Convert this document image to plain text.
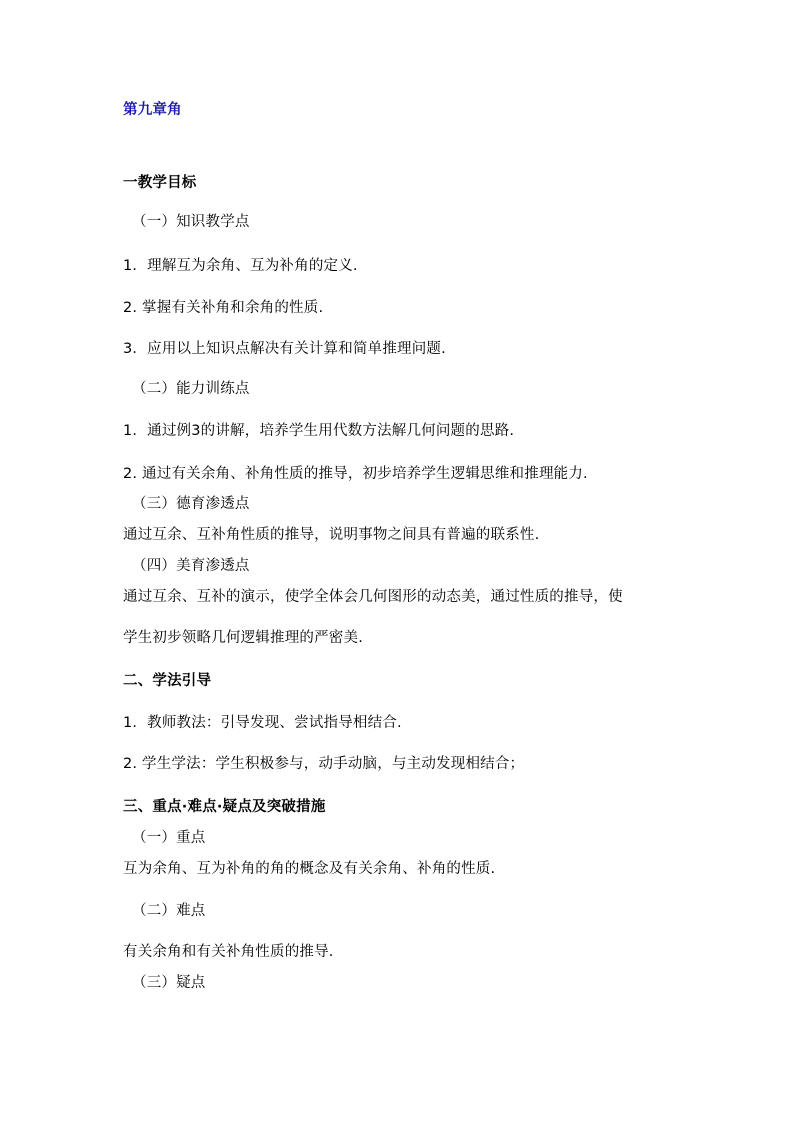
第九章角
一教学目标
（一）知识教学点
1．理解互为余角、互为补角的定义.
2. 掌握有关补角和余角的性质.
3．应用以上知识点解决有关计算和简单推理问题.
（二）能力训练点
1．通过例3的讲解，培养学生用代数方法解几何问题的思路.
2. 通过有关余角、补角性质的推导，初步培养学生逻辑思维和推理能力.
（三）德育渗透点
通过互余、互补角性质的推导，说明事物之间具有普遍的联系性.
（四）美育渗透点
通过互余、互补的演示，使学全体会几何图形的动态美，通过性质的推导，使
学生初步领略几何逻辑推理的严密美.
二、学法引导
1．教师教法：引导发现、尝试指导相结合.
2. 学生学法：学生积极参与，动手动脑，与主动发现相结合；
三、重点·难点·疑点及突破措施
（一）重点
互为余角、互为补角的角的概念及有关余角、补角的性质.
（二）难点
有关余角和有关补角性质的推导.
（三）疑点
